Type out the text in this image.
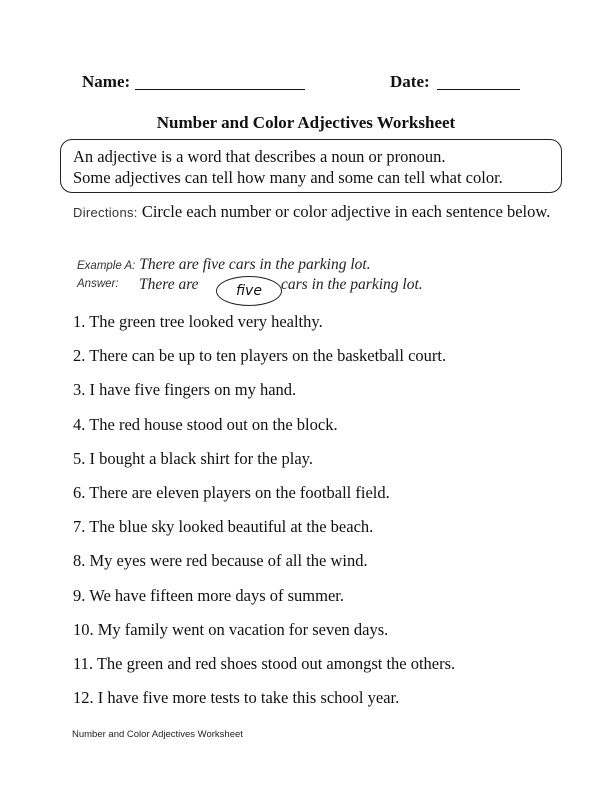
Name:	Date:
Number and Color Adjectives Worksheet
An adjective is a word that describes a noun or pronoun.
Some adjectives can tell how many and some can tell what color.
Directions: Circle each number or color adjective in each sentence below.
Example A: There are five cars in the parking lot.
Answer: There are	five	cars in the parking lot.
1. The green tree looked very healthy.
2. There can be up to ten players on the basketball court.
3. I have five fingers on my hand.
4. The red house stood out on the block.
5. I bought a black shirt for the play.
6. There are eleven players on the football field.
7. The blue sky looked beautiful at the beach.
8. My eyes were red because of all the wind.
9. We have fifteen more days of summer.
10. My family went on vacation for seven days.
11. The green and red shoes stood out amongst the others.
12. I have five more tests to take this school year.
Number and Color Adjectives Worksheet
